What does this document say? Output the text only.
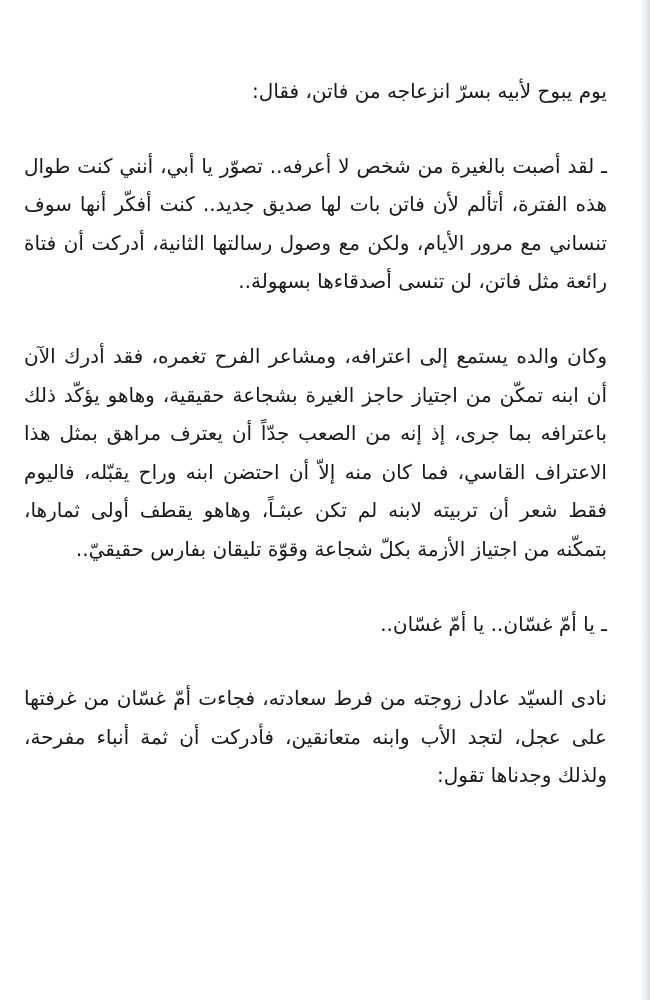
يوم يبوح لأبيه بسرّ انزعاجه من فاتن، فقال:

ـ لقد أصبت بالغيرة من شخص لا أعرفه.. تصوّر يا أبي، أنني كنت طوال هذه الفترة، أتألم لأن فاتن بات لها صديق جديد.. كنت أفكّر أنها سوف تنساني مع مرور الأيام، ولكن مع وصول رسالتها الثانية، أدركت أن فتاة رائعة مثل فاتن، لن تنسى أصدقاءها بسهولة..

وكان والده يستمع إلى اعترافه، ومشاعر الفرح تغمره، فقد أدرك الآن أن ابنه تمكّن من اجتياز حاجز الغيرة بشجاعة حقيقية، وهاهو يؤكّد ذلك باعترافه بما جرى، إذ إنه من الصعب جدّاً أن يعترف مراهق بمثل هذا الاعتراف القاسي، فما كان منه إلاّ أن احتضن ابنه وراح يقبّله، فاليوم فقط شعر أن تربيته لابنه لم تكن عبثـاً، وهاهو يقطف أولى ثمارها، بتمكّنه من اجتياز الأزمة بكلّ شجاعة وقوّة تليقان بفارس حقيقيّ..

ـ يا أمّ غسّان.. يا أمّ غسّان..

نادى السيّد عادل زوجته من فرط سعادته، فجاءت أمّ غسّان من غرفتها على عجل، لتجد الأب وابنه متعانقين، فأدركت أن ثمة أنباء مفرحة، ولذلك وجدناها تقول:
